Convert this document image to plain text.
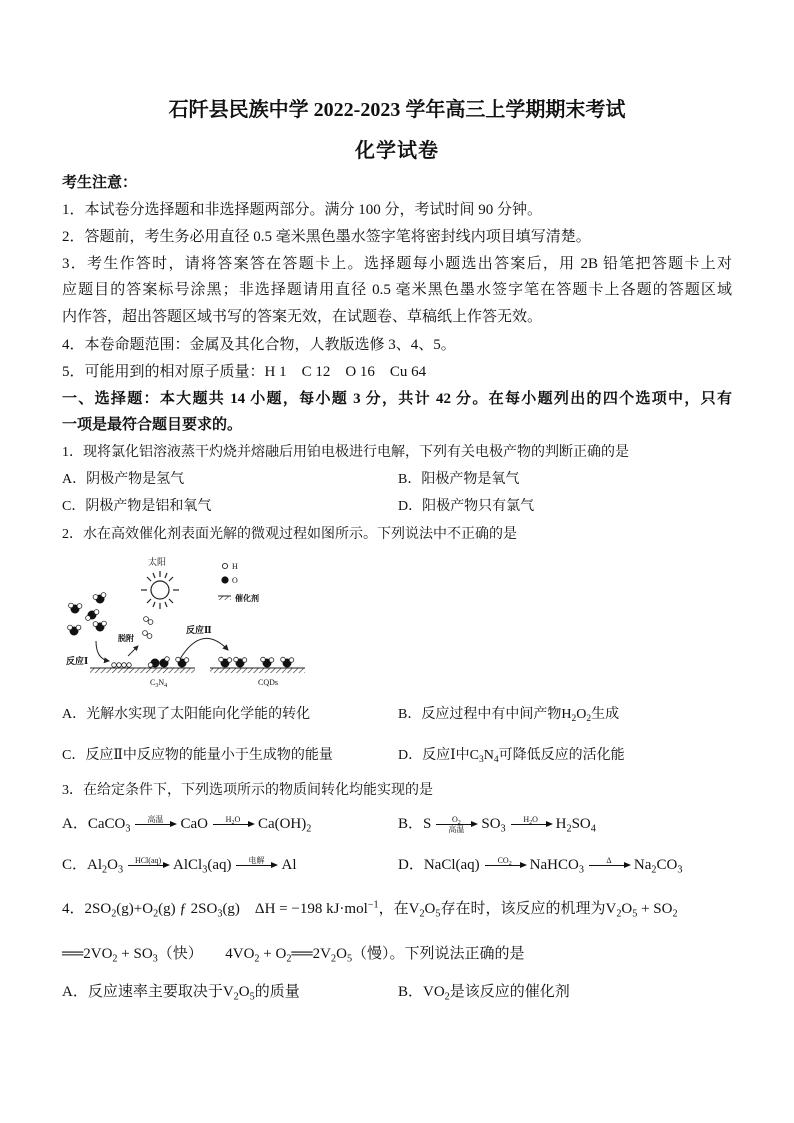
石阡县民族中学 2022-2023 学年高三上学期期末考试
化学试卷
考生注意：
1．本试卷分选择题和非选择题两部分。满分 100 分，考试时间 90 分钟。
2．答题前，考生务必用直径 0.5 毫米黑色墨水签字笔将密封线内项目填写清楚。
3．考生作答时，请将答案答在答题卡上。选择题每小题选出答案后，用 2B 铅笔把答题卡上对
应题目的答案标号涂黑；非选择题请用直径 0.5 毫米黑色墨水签字笔在答题卡上各题的答题区域
内作答，超出答题区域书写的答案无效，在试题卷、草稿纸上作答无效。
4．本卷命题范围：金属及其化合物，人教版选修 3、4、5。
5．可能用到的相对原子质量：H 1　C 12　O 16　Cu 64
一、选择题：本大题共 14 小题，每小题 3 分，共计 42 分。在每小题列出的四个选项中，只有
一项是最符合题目要求的。
1．现将氯化铝溶液蒸干灼烧并熔融后用铂电极进行电解，下列有关电极产物的判断正确的是
A．阴极产物是氢气	B．阳极产物是氧气
C．阴极产物是铝和氧气	D．阳极产物只有氯气
2．水在高效催化剂表面光解的微观过程如图所示。下列说法中不正确的是
太阳	H
O
催化剂
反应Ⅰ
脱附
$C_3N_4$
反应Ⅱ
CQDs
A．光解水实现了太阳能向化学能的转化	B．反应过程中有中间产物$H_2O_2$生成
C．反应Ⅱ中反应物的能量小于生成物的能量	D．反应Ⅰ中$C_3N_4$可降低反应的活化能
3．在给定条件下，下列选项所示的物质间转化均能实现的是
A．CaCO$_3$
高温 CaO $H_2O$ $Ca(OH)_2$	B．S	$O_2$
高温 $SO_3$
$H_2O$ $H_2SO_4$
C．$Al_2O_3$
HCl(aq) AlCl$_3$(aq) 电解 Al	D．NaCl(aq) $CO_2$ NaHCO$_3$
Δ $Na_2CO_3$
4．$2SO_2(g)+O_2(g)$ ƒ $2SO_3(g)$　ΔH = −198 kJ·mol$^{-1}$，在$V_2O_5$存在时，该反应的机理为$V_2O_5 + SO_2$
$══2VO_2 + SO_3$（快）　　$4VO_2$ + $O_2══2V_2O_5$（慢）。下列说法正确的是
A．反应速率主要取决于$V_2O_5$的质量	B．$VO_2$是该反应的催化剂
